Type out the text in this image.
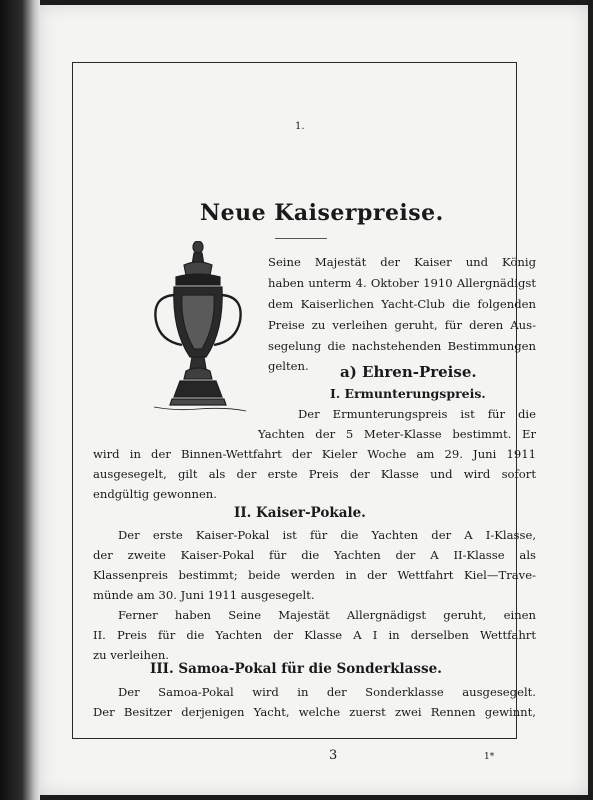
1.
Neue Kaiserpreise.
Seine Majestät der Kaiser und König
haben unterm 4. Oktober 1910 Allergnädigst
dem Kaiserlichen Yacht-Club die folgenden
Preise zu verleihen geruht, für deren Aus-
segelung die nachstehenden Bestimmungen
gelten.	a) Ehren-Preise.
I. Ermunterungspreis.
Der Ermunterungspreis ist für die
Yachten der 5 Meter-Klasse bestimmt. Er
wird in der Binnen-Wettfahrt der Kieler Woche am 29. Juni 1911
ausgesegelt, gilt als der erste Preis der Klasse und wird sofort
endgültig gewonnen.
II. Kaiser-Pokale.
Der erste Kaiser-Pokal ist für die Yachten der A I-Klasse,
der zweite Kaiser-Pokal für die Yachten der A II-Klasse als
Klassenpreis bestimmt; beide werden in der Wettfahrt Kiel—Trave-
münde am 30. Juni 1911 ausgesegelt.
Ferner haben Seine Majestät Allergnädigst geruht, einen
II. Preis für die Yachten der Klasse A I in derselben Wettfahrt
zu verleihen.
III. Samoa-Pokal für die Sonderklasse.
Der Samoa-Pokal wird in der Sonderklasse ausgesegelt.
Der Besitzer derjenigen Yacht, welche zuerst zwei Rennen gewinnt,
3	1*
